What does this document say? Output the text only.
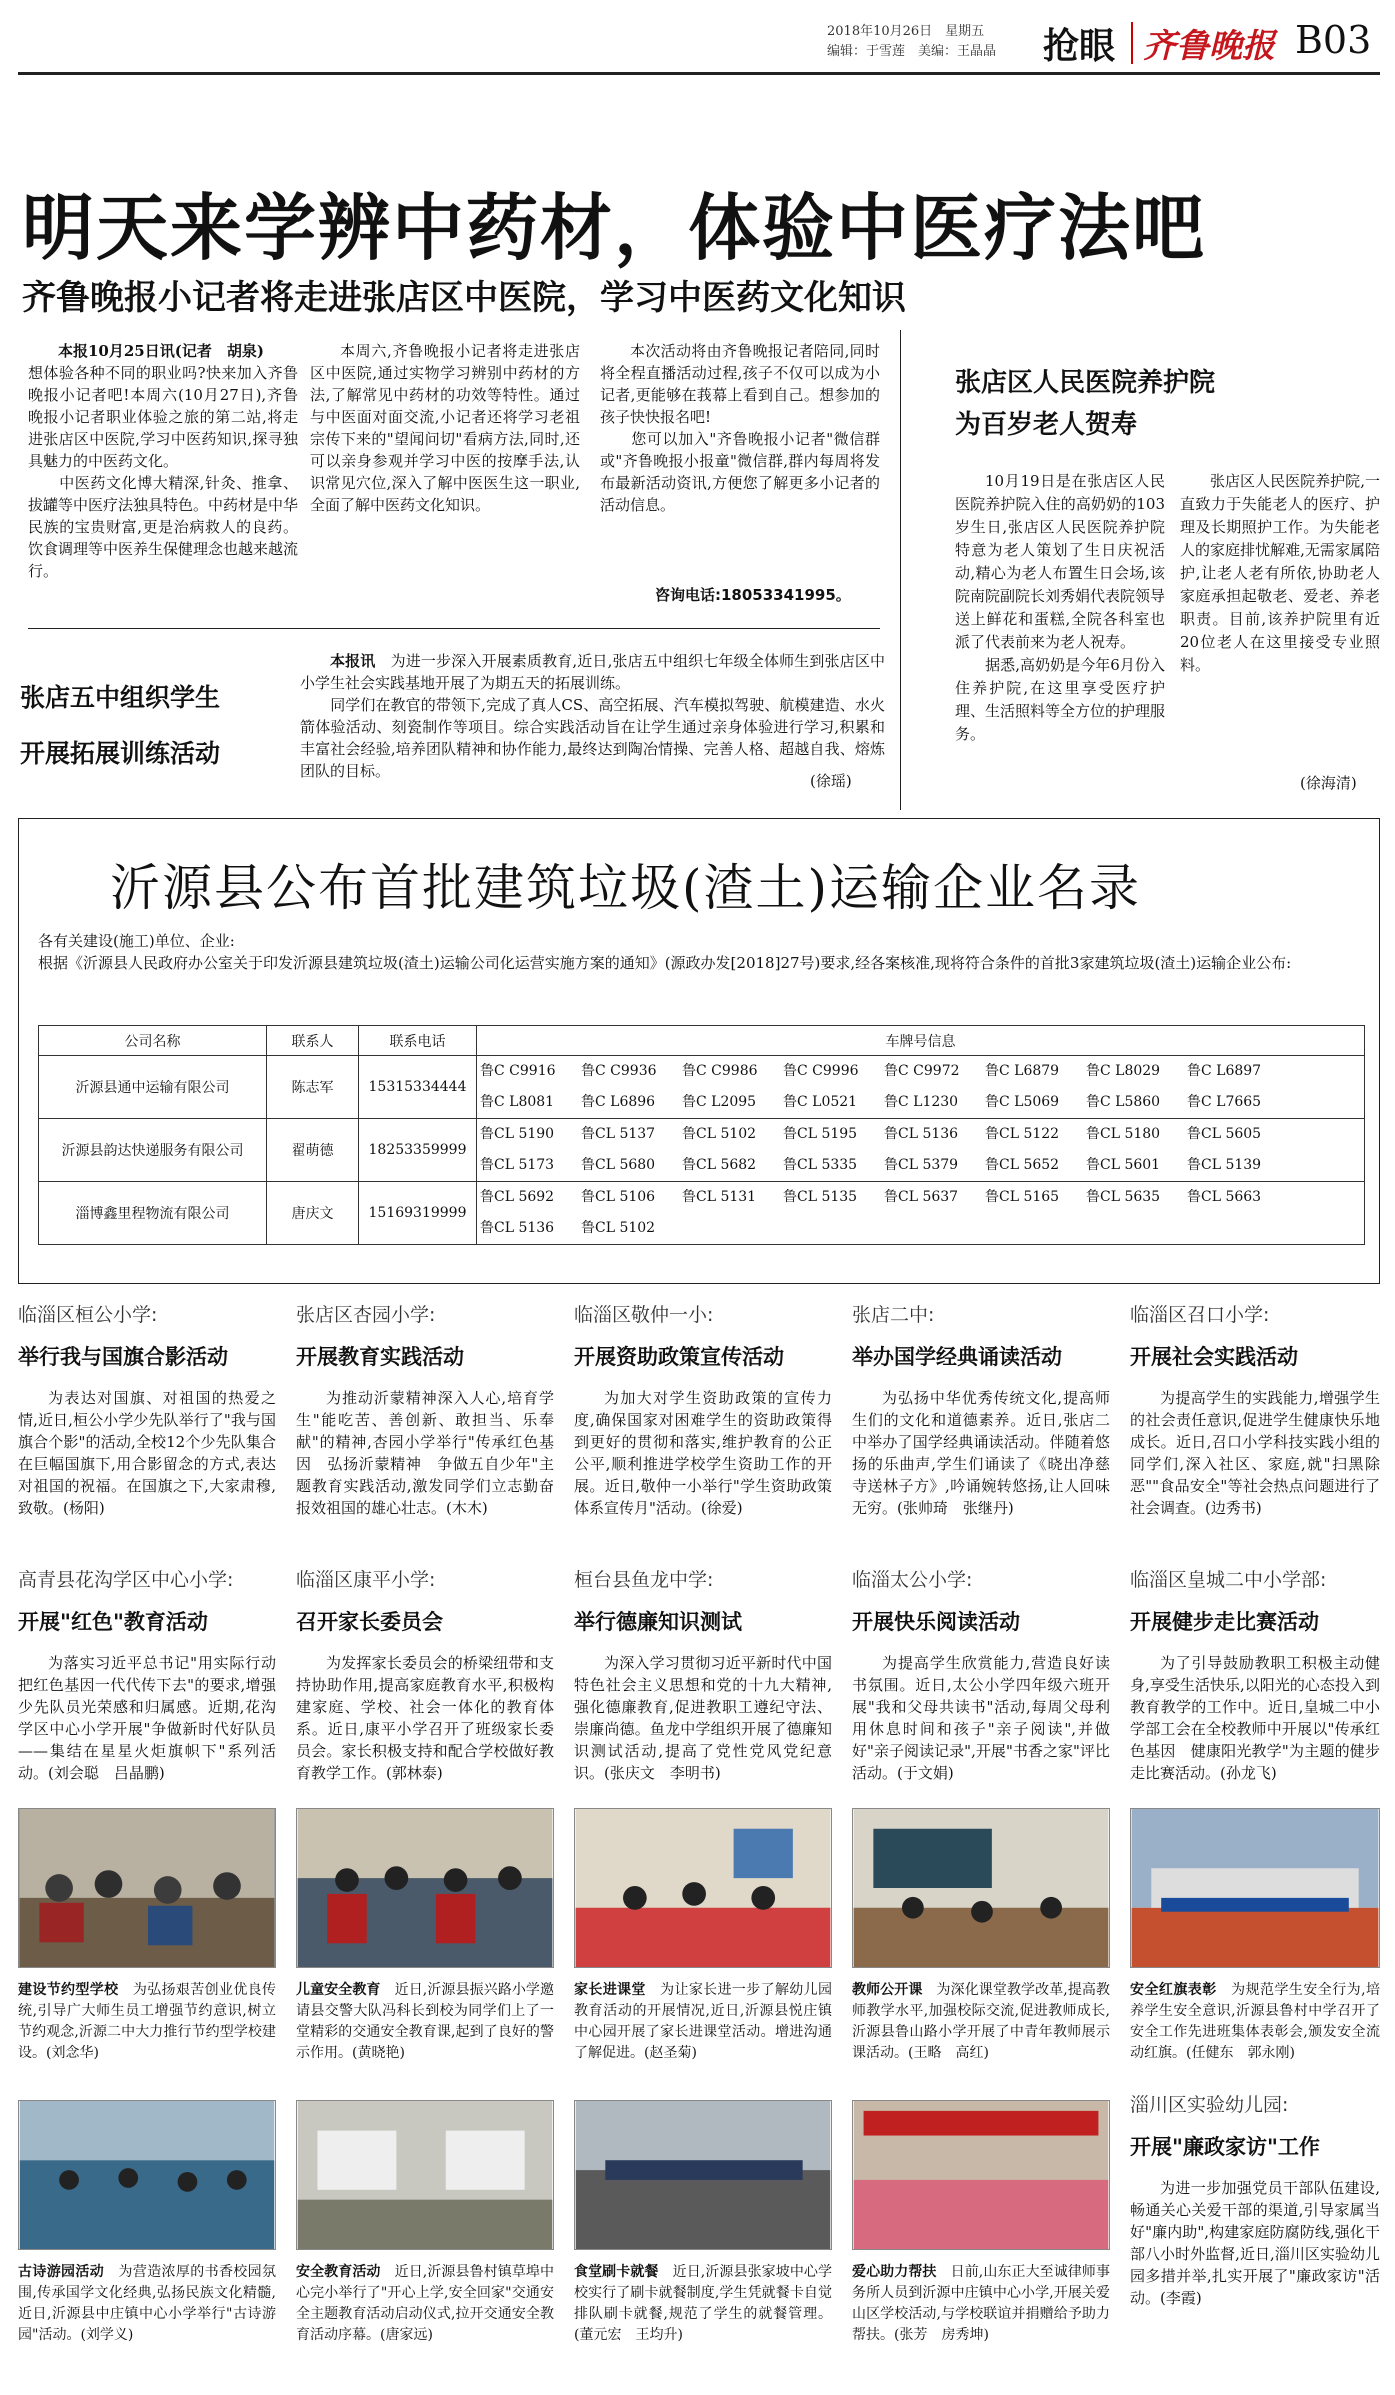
2018年10月26日　星期五
编辑：于雪莲　美编：王晶晶 抢眼 齐鲁晚报 B03
明天来学辨中药材，体验中医疗法吧
齐鲁晚报小记者将走进张店区中医院，学习中医药文化知识
本报10月25日讯(记者　胡泉)
想体验各种不同的职业吗?快来加入齐鲁晚报小记者吧!本周六(10月27日),齐鲁晚报小记者职业体验之旅的第二站,将走进张店区中医院,学习中医药知识,探寻独具魅力的中医药文化。
　　中医药文化博大精深,针灸、推拿、拔罐等中医疗法独具特色。中药材是中华民族的宝贵财富,更是治病救人的良药。饮食调理等中医养生保健理念也越来越流行。
本周六,齐鲁晚报小记者将走进张店区中医院,通过实物学习辨别中药材的方法,了解常见中药材的功效等特性。通过与中医面对面交流,小记者还将学习老祖宗传下来的"望闻问切"看病方法,同时,还可以亲身参观并学习中医的按摩手法,认识常见穴位,深入了解中医医生这一职业,全面了解中医药文化知识。
本次活动将由齐鲁晚报记者陪同,同时将全程直播活动过程,孩子不仅可以成为小记者,更能够在莪幕上看到自己。想参加的孩子快快报名吧!
　　您可以加入"齐鲁晚报小记者"微信群或"齐鲁晚报小报童"微信群,群内每周将发布最新活动资讯,方便您了解更多小记者的活动信息。
咨询电话:18053341995。
张店五中组织学生
开展拓展训练活动
本报讯　 为进一步深入开展素质教育,近日,张店五中组织七年级全体师生到张店区中小学生社会实践基地开展了为期五天的拓展训练。
　　同学们在教官的带领下,完成了真人CS、高空拓展、汽车模拟驾驶、航模建造、水火箭体验活动、刻瓷制作等项目。综合实践活动旨在让学生通过亲身体验进行学习,积累和丰富社会经验,培养团队精神和协作能力,最终达到陶冶情操、完善人格、超越自我、熔炼团队的目标。
(徐瑶)
张店区人民医院养护院
为百岁老人贺寿
10月19日是在张店区人民医院养护院入住的高奶奶的103岁生日,张店区人民医院养护院特意为老人策划了生日庆祝活动,精心为老人布置生日会场,该院南院副院长刘秀娟代表院领导送上鲜花和蛋糕,全院各科室也派了代表前来为老人祝寿。
　　据悉,高奶奶是今年6月份入住养护院,在这里享受医疗护理、生活照料等全方位的护理服务。
张店区人民医院养护院,一直致力于失能老人的医疗、护理及长期照护工作。为失能老人的家庭排忧解难,无需家属陪护,让老人老有所依,协助老人家庭承担起敬老、爱老、养老职责。目前,该养护院里有近20位老人在这里接受专业照料。
(徐海清)
沂源县公布首批建筑垃圾(渣土)运输企业名录
各有关建设(施工)单位、企业:
根据《沂源县人民政府办公室关于印发沂源县建筑垃圾(渣土)运输公司化运营实施方案的通知》(源政办发[2018]27号)要求,经各案核准,现将符合条件的首批3家建筑垃圾(渣土)运输企业公布:
公司名称	联系人	联系电话	车牌号信息
沂源县通中运输有限公司	陈志军	15315334444	鲁C C9916 鲁C C9936 鲁C C9986 鲁C C9996 鲁C C9972 鲁C L6879 鲁C L8029 鲁C L6897鲁C L8081 鲁C L6896 鲁C L2095 鲁C L0521 鲁C L1230 鲁C L5069 鲁C L5860 鲁C L7665
沂源县韵达快递服务有限公司	翟萌德	18253359999	鲁CL 5190 鲁CL 5137 鲁CL 5102 鲁CL 5195 鲁CL 5136 鲁CL 5122 鲁CL 5180 鲁CL 5605鲁CL 5173 鲁CL 5680 鲁CL 5682 鲁CL 5335 鲁CL 5379 鲁CL 5652 鲁CL 5601 鲁CL 5139
淄博鑫里程物流有限公司	唐庆文	15169319999	鲁CL 5692 鲁CL 5106 鲁CL 5131 鲁CL 5135 鲁CL 5637 鲁CL 5165 鲁CL 5635 鲁CL 5663鲁CL 5136 鲁CL 5102
临淄区桓公小学:
举行我与国旗合影活动
为表达对国旗、对祖国的热爱之情,近日,桓公小学少先队举行了"我与国旗合个影"的活动,全校12个少先队集合在巨幅国旗下,用合影留念的方式,表达对祖国的祝福。在国旗之下,大家肃穆,致敬。(杨阳)
张店区杏园小学:
开展教育实践活动
为推动沂蒙精神深入人心,培育学生"能吃苦、善创新、敢担当、乐奉献"的精神,杏园小学举行"传承红色基因　弘扬沂蒙精神　争做五自少年"主题教育实践活动,激发同学们立志勤奋报效祖国的雄心壮志。(木木)
临淄区敬仲一小:
开展资助政策宣传活动
为加大对学生资助政策的宣传力度,确保国家对困难学生的资助政策得到更好的贯彻和落实,维护教育的公正公平,顺利推进学校学生资助工作的开展。近日,敬仲一小举行"学生资助政策体系宣传月"活动。(徐爱)
张店二中:
举办国学经典诵读活动
为弘扬中华优秀传统文化,提高师生们的文化和道德素养。近日,张店二中举办了国学经典诵读活动。伴随着悠扬的乐曲声,学生们诵读了《晓出净慈寺送林子方》,吟诵婉转悠扬,让人回味无穷。(张帅琦　张继丹)
临淄区召口小学:
开展社会实践活动
为提高学生的实践能力,增强学生的社会责任意识,促进学生健康快乐地成长。近日,召口小学科技实践小组的同学们,深入社区、家庭,就"扫黑除恶""食品安全"等社会热点问题进行了社会调查。(边秀书)
高青县花沟学区中心小学:
开展"红色"教育活动
为落实习近平总书记"用实际行动把红色基因一代代传下去"的要求,增强少先队员光荣感和归属感。近期,花沟学区中心小学开展"争做新时代好队员——集结在星星火炬旗帜下"系列活动。(刘会聪　吕晶鹏)
临淄区康平小学:
召开家长委员会
为发挥家长委员会的桥梁纽带和支持协助作用,提高家庭教育水平,积极构建家庭、学校、社会一体化的教育体系。近日,康平小学召开了班级家长委员会。家长积极支持和配合学校做好教育教学工作。(郭林泰)
桓台县鱼龙中学:
举行德廉知识测试
为深入学习贯彻习近平新时代中国特色社会主义思想和党的十九大精神,强化德廉教育,促进教职工遵纪守法、崇廉尚德。鱼龙中学组织开展了德廉知识测试活动,提高了党性党风党纪意识。(张庆文　李明书)
临淄太公小学:
开展快乐阅读活动
为提高学生欣赏能力,营造良好读书氛围。近日,太公小学四年级六班开展"我和父母共读书"活动,每周父母利用休息时间和孩子"亲子阅读",并做好"亲子阅读记录",开展"书香之家"评比活动。(于文娟)
临淄区皇城二中小学部:
开展健步走比赛活动
为了引导鼓励教职工积极主动健身,享受生活快乐,以阳光的心态投入到教育教学的工作中。近日,皇城二中小学部工会在全校教师中开展以"传承红色基因　健康阳光教学"为主题的健步走比赛活动。(孙龙飞)
建设节约型学校　 为弘扬艰苦创业优良传统,引导广大师生员工增强节约意识,树立节约观念,沂源二中大力推行节约型学校建设。(刘念华)
儿童安全教育　 近日,沂源县振兴路小学邀请县交警大队冯科长到校为同学们上了一堂精彩的交通安全教育课,起到了良好的警示作用。(黄晓艳)
家长进课堂　 为让家长进一步了解幼儿园教育活动的开展情况,近日,沂源县悦庄镇中心园开展了家长进课堂活动。增进沟通了解促进。(赵圣菊)
教师公开课　 为深化课堂教学改革,提高教师教学水平,加强校际交流,促进教师成长,沂源县鲁山路小学开展了中青年教师展示课活动。(王略　高红)
安全红旗表彰　 为规范学生安全行为,培养学生安全意识,沂源县鲁村中学召开了安全工作先进班集体表彰会,颁发安全流动红旗。(任健东　郭永刚)
古诗游园活动　 为营造浓厚的书香校园氛围,传承国学文化经典,弘扬民族文化精髓,近日,沂源县中庄镇中心小学举行"古诗游园"活动。(刘学义)
安全教育活动　 近日,沂源县鲁村镇草埠中心完小举行了"开心上学,安全回家"交通安全主题教育活动启动仪式,拉开交通安全教育活动序幕。(唐家远)
食堂刷卡就餐　 近日,沂源县张家坡中心学校实行了刷卡就餐制度,学生凭就餐卡自觉排队刷卡就餐,规范了学生的就餐管理。(董元宏　王均升)
爱心助力帮扶　 日前,山东正大至诚律师事务所人员到沂源中庄镇中心小学,开展关爱山区学校活动,与学校联谊并捐赠给予助力帮扶。(张芳　房秀坤)
淄川区实验幼儿园:
开展"廉政家访"工作
为进一步加强党员干部队伍建设,畅通关心关爱干部的渠道,引导家属当好"廉内助",构建家庭防腐防线,强化干部八小时外监督,近日,淄川区实验幼儿园多措并举,扎实开展了"廉政家访"活动。(李霞)
